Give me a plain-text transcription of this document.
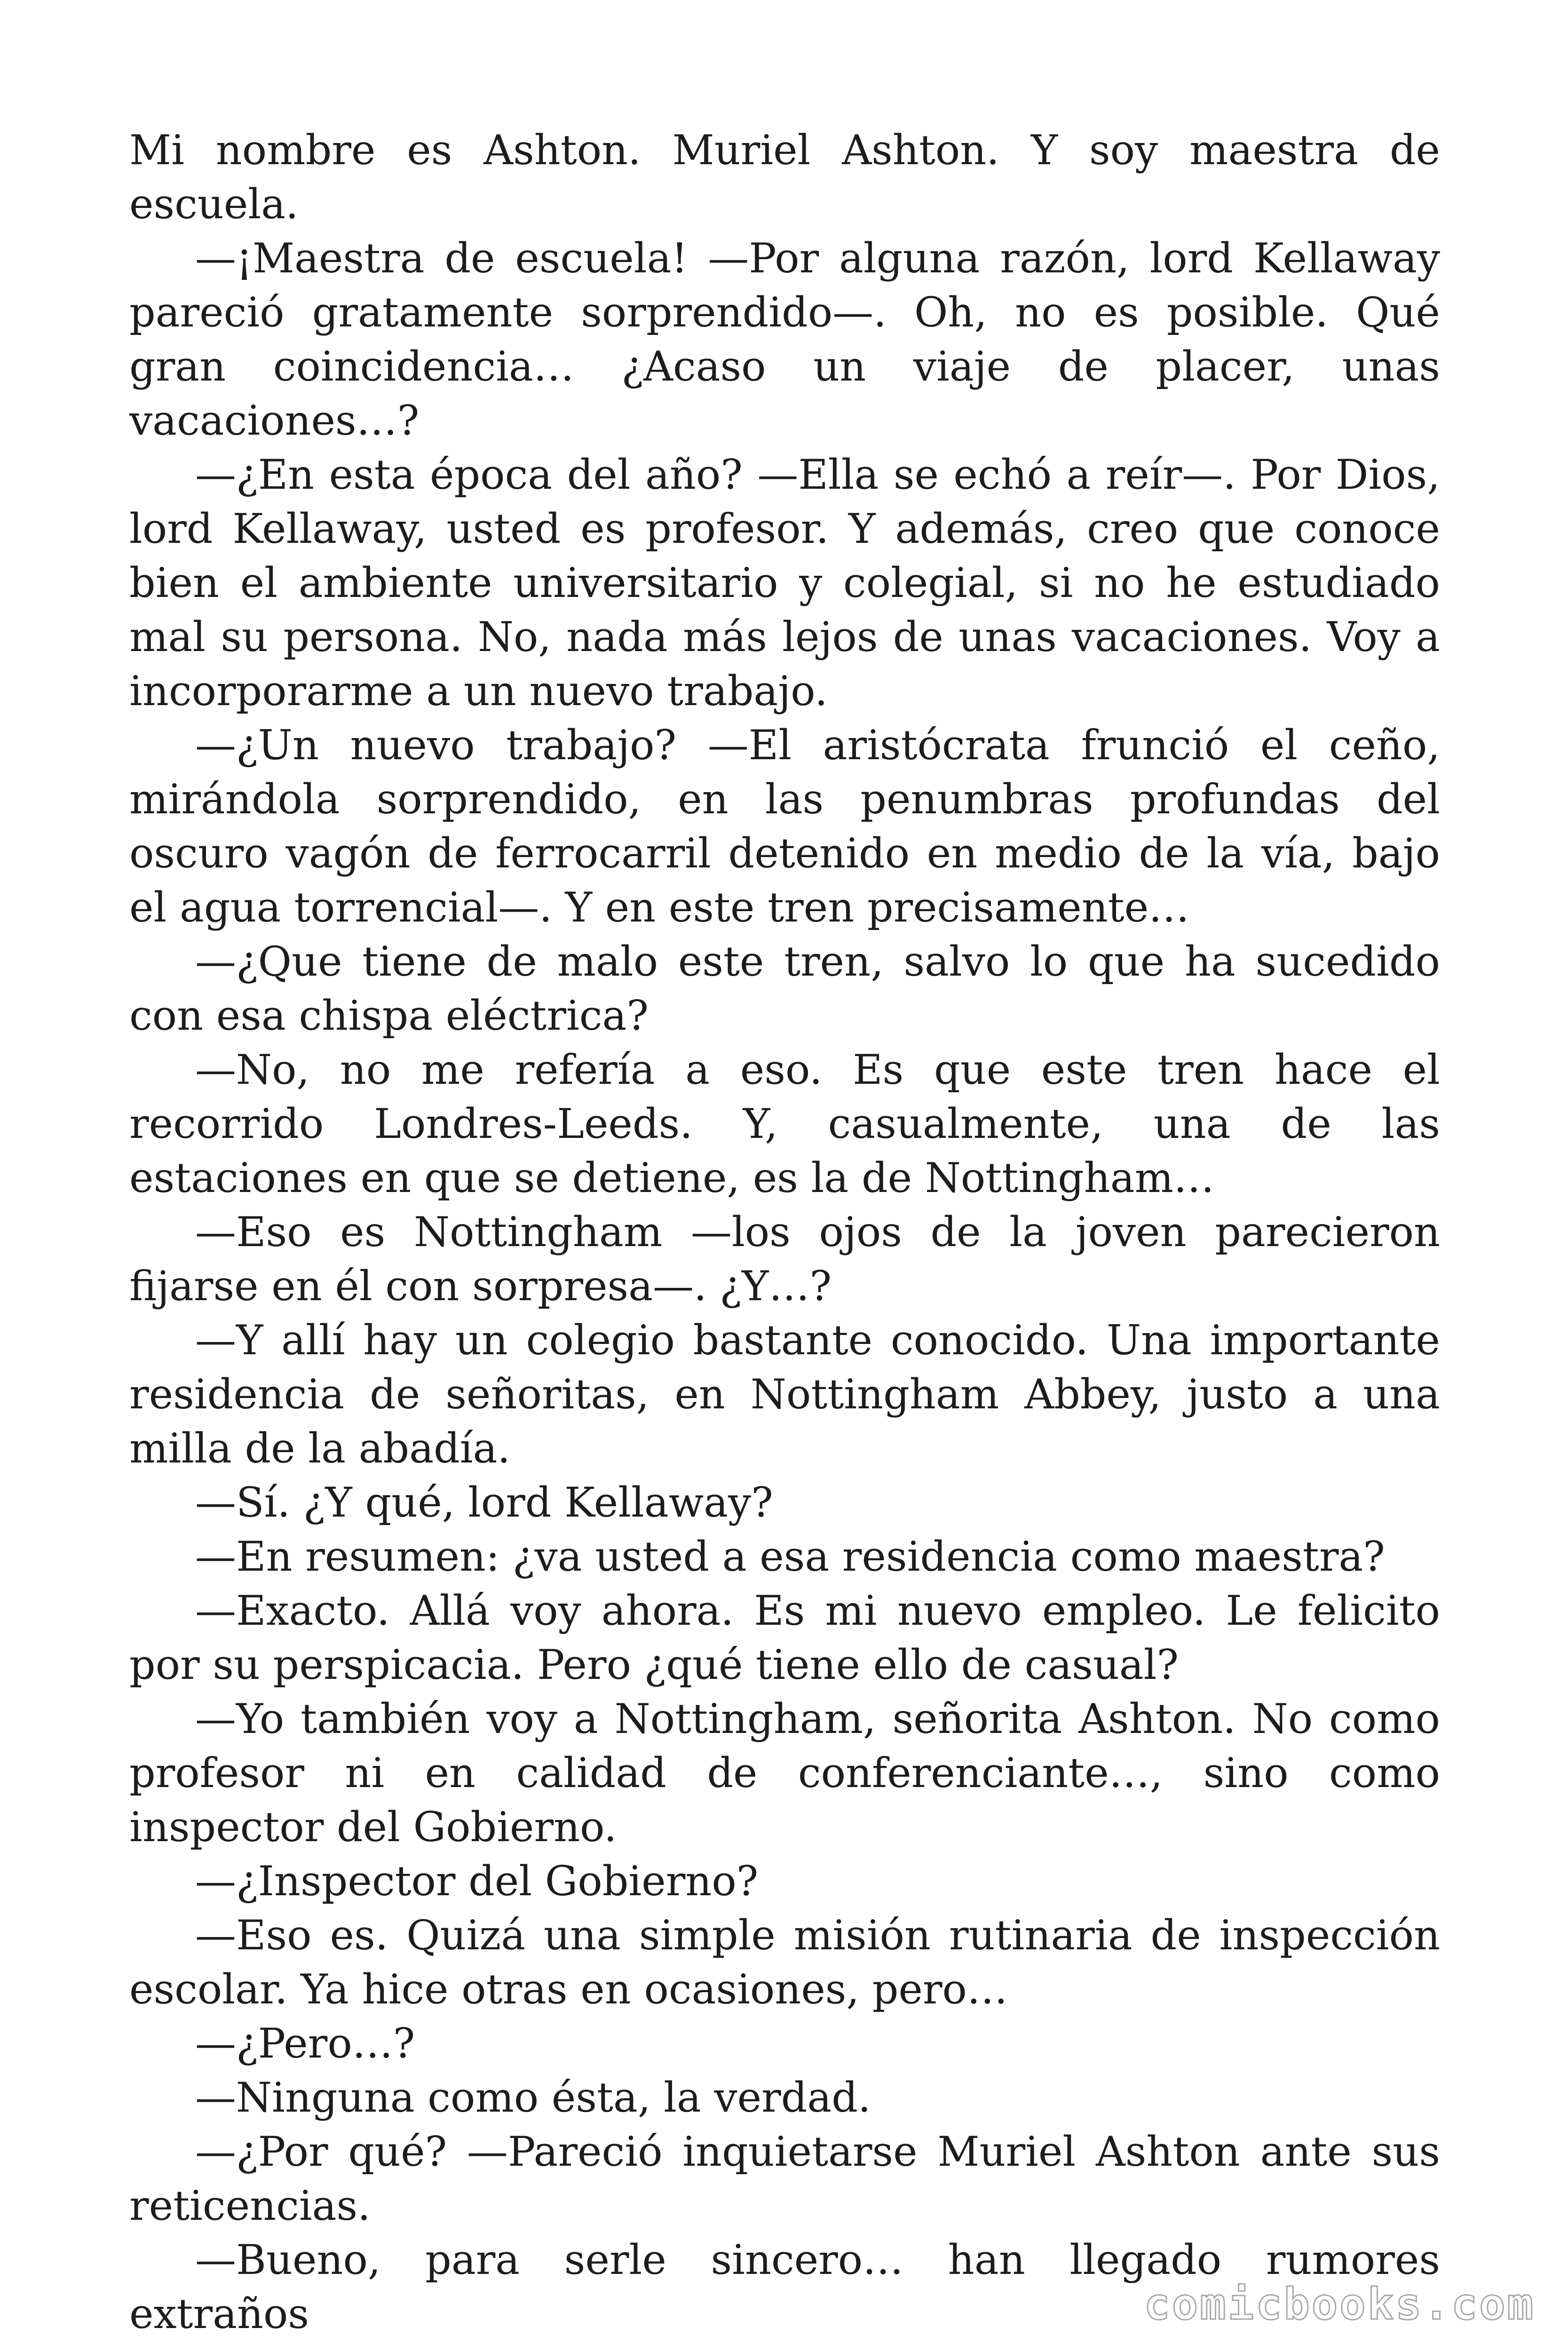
Mi nombre es Ashton. Muriel Ashton. Y soy maestra de escuela.

—¡Maestra de escuela! —Por alguna razón, lord Kellaway pareció gratamente sorprendido—. Oh, no es posible. Qué gran coincidencia… ¿Acaso un viaje de placer, unas vacaciones…?

—¿En esta época del año? —Ella se echó a reír—. Por Dios, lord Kellaway, usted es profesor. Y además, creo que conoce bien el ambiente universitario y colegial, si no he estudiado mal su persona. No, nada más lejos de unas vacaciones. Voy a incorporarme a un nuevo trabajo.

—¿Un nuevo trabajo? —El aristócrata frunció el ceño, mirándola sorprendido, en las penumbras profundas del oscuro vagón de ferrocarril detenido en medio de la vía, bajo el agua torrencial—. Y en este tren precisamente…

—¿Que tiene de malo este tren, salvo lo que ha sucedido con esa chispa eléctrica?

—No, no me refería a eso. Es que este tren hace el recorrido Londres-Leeds. Y, casualmente, una de las estaciones en que se detiene, es la de Nottingham…

—Eso es Nottingham —los ojos de la joven parecieron fijarse en él con sorpresa—. ¿Y…?

—Y allí hay un colegio bastante conocido. Una importante residencia de señoritas, en Nottingham Abbey, justo a una milla de la abadía.

—Sí. ¿Y qué, lord Kellaway?

—En resumen: ¿va usted a esa residencia como maestra?

—Exacto. Allá voy ahora. Es mi nuevo empleo. Le felicito por su perspicacia. Pero ¿qué tiene ello de casual?

—Yo también voy a Nottingham, señorita Ashton. No como profesor ni en calidad de conferenciante…, sino como inspector del Gobierno.

—¿Inspector del Gobierno?

—Eso es. Quizá una simple misión rutinaria de inspección escolar. Ya hice otras en ocasiones, pero…

—¿Pero…?

—Ninguna como ésta, la verdad.

—¿Por qué? —Pareció inquietarse Muriel Ashton ante sus reticencias.

—Bueno, para serle sincero… han llegado rumores extraños	comicbooks.com
